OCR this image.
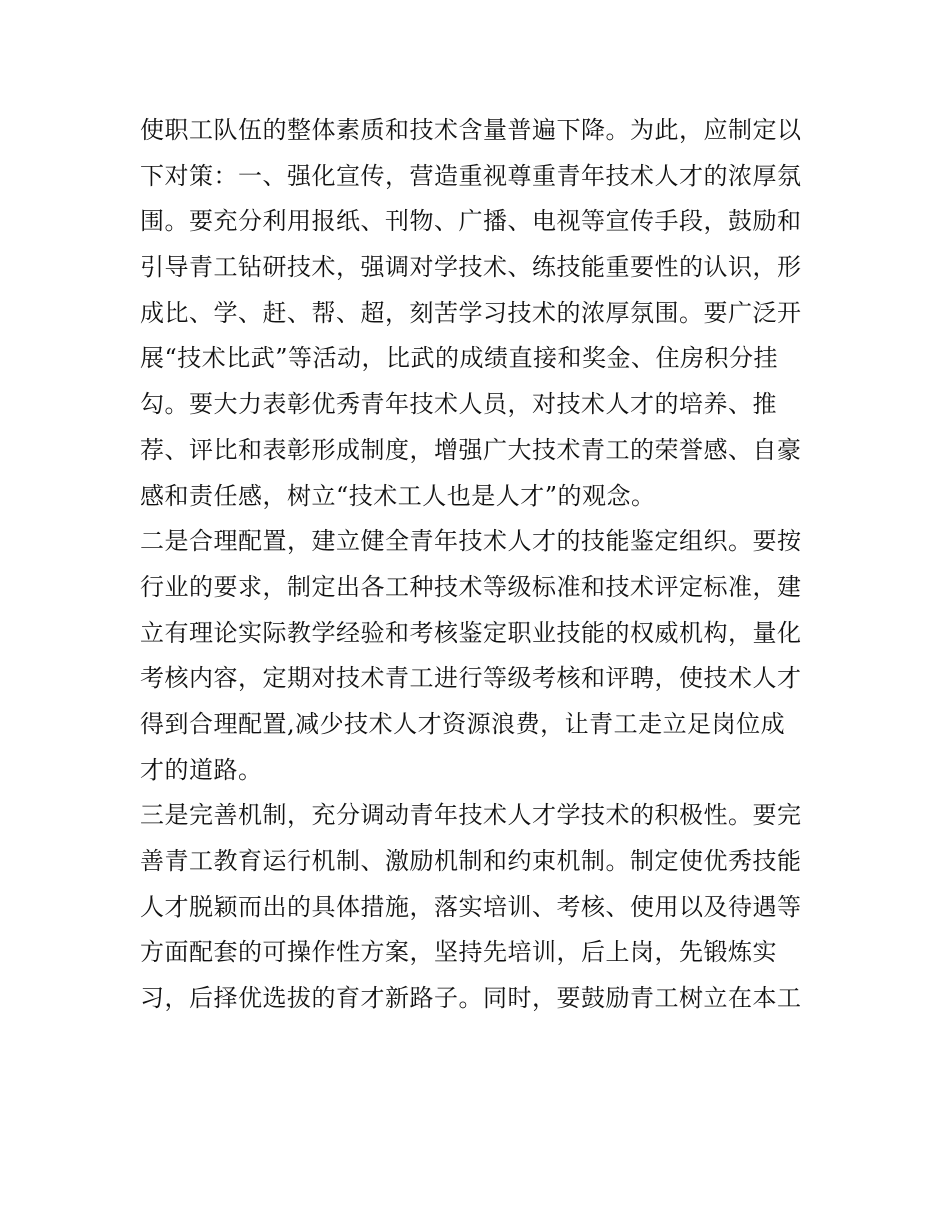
使职工队伍的整体素质和技术含量普遍下降。为此，应制定以
下对策：一、强化宣传，营造重视尊重青年技术人才的浓厚氛
围。要充分利用报纸、刊物、广播、电视等宣传手段，鼓励和
引导青工钻研技术，强调对学技术、练技能重要性的认识，形
成比、学、赶、帮、超，刻苦学习技术的浓厚氛围。要广泛开
展“技术比武”等活动，比武的成绩直接和奖金、住房积分挂
勾。要大力表彰优秀青年技术人员，对技术人才的培养、推
荐、评比和表彰形成制度，增强广大技术青工的荣誉感、自豪
感和责任感，树立“技术工人也是人才”的观念。
二是合理配置，建立健全青年技术人才的技能鉴定组织。要按
行业的要求，制定出各工种技术等级标准和技术评定标准，建
立有理论实际教学经验和考核鉴定职业技能的权威机构，量化
考核内容，定期对技术青工进行等级考核和评聘，使技术人才
得到合理配置,减少技术人才资源浪费，让青工走立足岗位成
才的道路。
三是完善机制，充分调动青年技术人才学技术的积极性。要完
善青工教育运行机制、激励机制和约束机制。制定使优秀技能
人才脱颖而出的具体措施，落实培训、考核、使用以及待遇等
方面配套的可操作性方案，坚持先培训，后上岗，先锻炼实
习，后择优选拔的育才新路子。同时，要鼓励青工树立在本工
